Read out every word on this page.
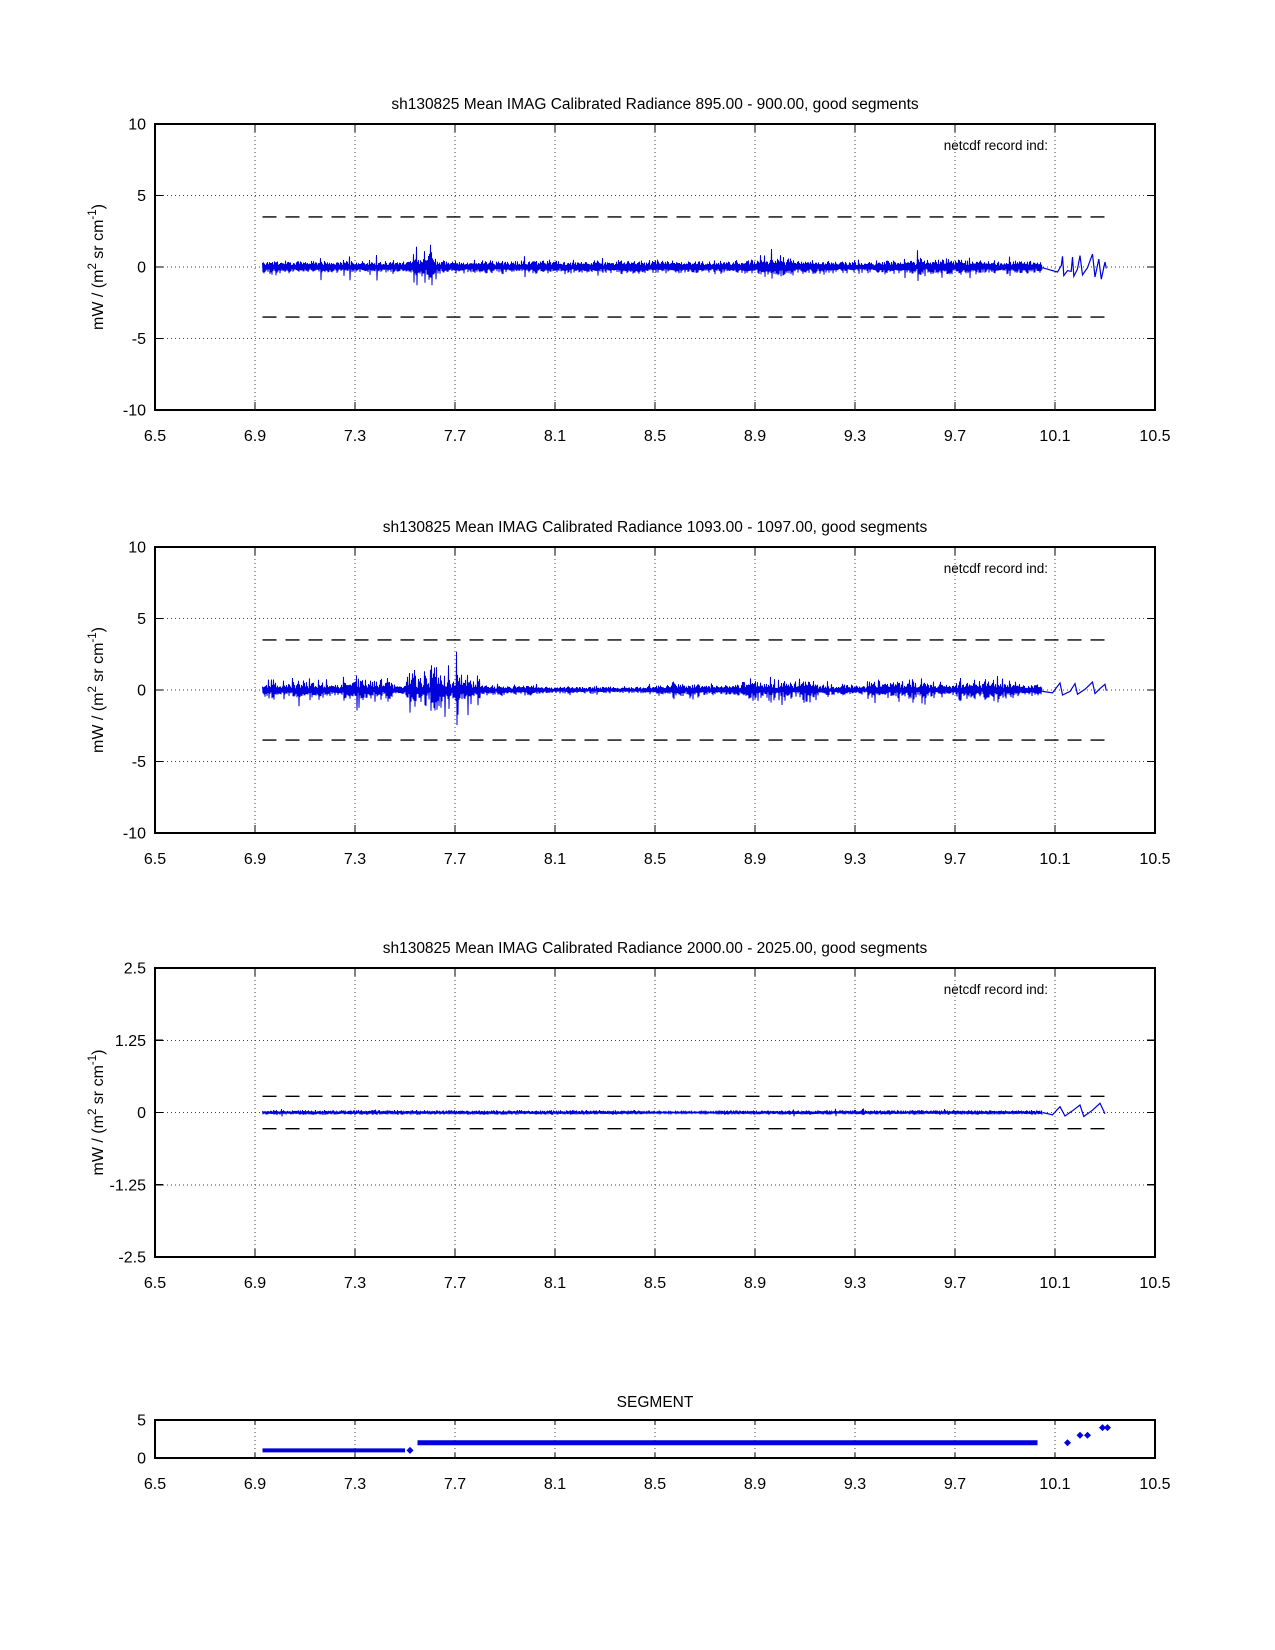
6.5	6.9	7.3	7.7	8.1	8.5	8.9	9.3	9.7	10.1	10.5
10
5
0
-5
-10
sh130825 Mean IMAG Calibrated Radiance 895.00 - 900.00, good segments
mW / ($m^2$ sr $cm^{-1}$)
netcdf record ind:
6.5	6.9	7.3	7.7	8.1	8.5	8.9	9.3	9.7	10.1	10.5
10
5
0
-5
-10
sh130825 Mean IMAG Calibrated Radiance 1093.00 - 1097.00, good segments
mW / ($m^2$ sr $cm^{-1}$)
netcdf record ind:
6.5	6.9	7.3	7.7	8.1	8.5	8.9	9.3	9.7	10.1	10.5
2.5
1.25
0
-1.25
-2.5
sh130825 Mean IMAG Calibrated Radiance 2000.00 - 2025.00, good segments
mW / ($m^2$ sr $cm^{-1}$)
netcdf record ind:
6.5	6.9	7.3	7.7	8.1	8.5	8.9	9.3	9.7	10.1	10.5
5
0
SEGMENT
